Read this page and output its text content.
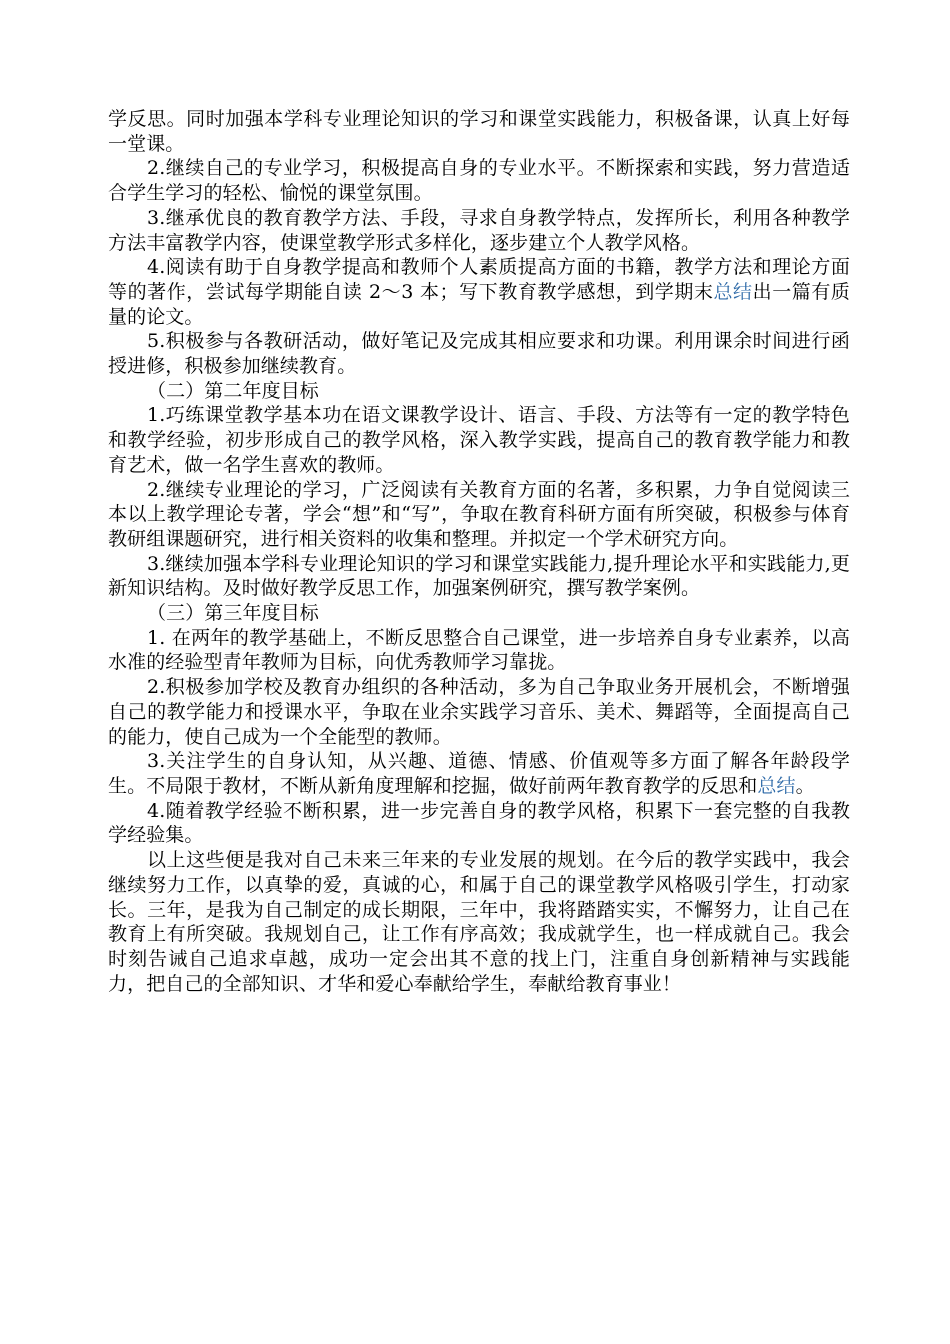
学反思。同时加强本学科专业理论知识的学习和课堂实践能力，积极备课，认真上好每一堂课。

2.继续自己的专业学习，积极提高自身的专业水平。不断探索和实践，努力营造适合学生学习的轻松、愉悦的课堂氛围。

3.继承优良的教育教学方法、手段，寻求自身教学特点，发挥所长，利用各种教学方法丰富教学内容，使课堂教学形式多样化，逐步建立个人教学风格。

4.阅读有助于自身教学提高和教师个人素质提高方面的书籍，教学方法和理论方面等的著作，尝试每学期能自读 2～3 本；写下教育教学感想，到学期末总结出一篇有质量的论文。

5.积极参与各教研活动，做好笔记及完成其相应要求和功课。利用课余时间进行函授进修，积极参加继续教育。

（二）第二年度目标

1.巧练课堂教学基本功在语文课教学设计、语言、手段、方法等有一定的教学特色和教学经验，初步形成自己的教学风格，深入教学实践，提高自己的教育教学能力和教育艺术，做一名学生喜欢的教师。

2.继续专业理论的学习，广泛阅读有关教育方面的名著，多积累，力争自觉阅读三本以上教学理论专著，学会“想”和“写”，争取在教育科研方面有所突破，积极参与体育教研组课题研究，进行相关资料的收集和整理。并拟定一个学术研究方向。

3.继续加强本学科专业理论知识的学习和课堂实践能力,提升理论水平和实践能力,更新知识结构。及时做好教学反思工作，加强案例研究，撰写教学案例。

（三）第三年度目标

1. 在两年的教学基础上，不断反思整合自己课堂，进一步培养自身专业素养，以高水准的经验型青年教师为目标，向优秀教师学习靠拢。

2.积极参加学校及教育办组织的各种活动，多为自己争取业务开展机会，不断增强自己的教学能力和授课水平，争取在业余实践学习音乐、美术、舞蹈等，全面提高自己的能力，使自己成为一个全能型的教师。

3.关注学生的自身认知，从兴趣、道德、情感、价值观等多方面了解各年龄段学生。不局限于教材，不断从新角度理解和挖掘，做好前两年教育教学的反思和总结。

4.随着教学经验不断积累，进一步完善自身的教学风格，积累下一套完整的自我教学经验集。

以上这些便是我对自己未来三年来的专业发展的规划。在今后的教学实践中，我会继续努力工作，以真挚的爱，真诚的心，和属于自己的课堂教学风格吸引学生，打动家长。三年，是我为自己制定的成长期限，三年中，我将踏踏实实，不懈努力，让自己在教育上有所突破。我规划自己，让工作有序高效；我成就学生，也一样成就自己。我会时刻告诫自己追求卓越，成功一定会出其不意的找上门，注重自身创新精神与实践能力，把自己的全部知识、才华和爱心奉献给学生，奉献给教育事业！
